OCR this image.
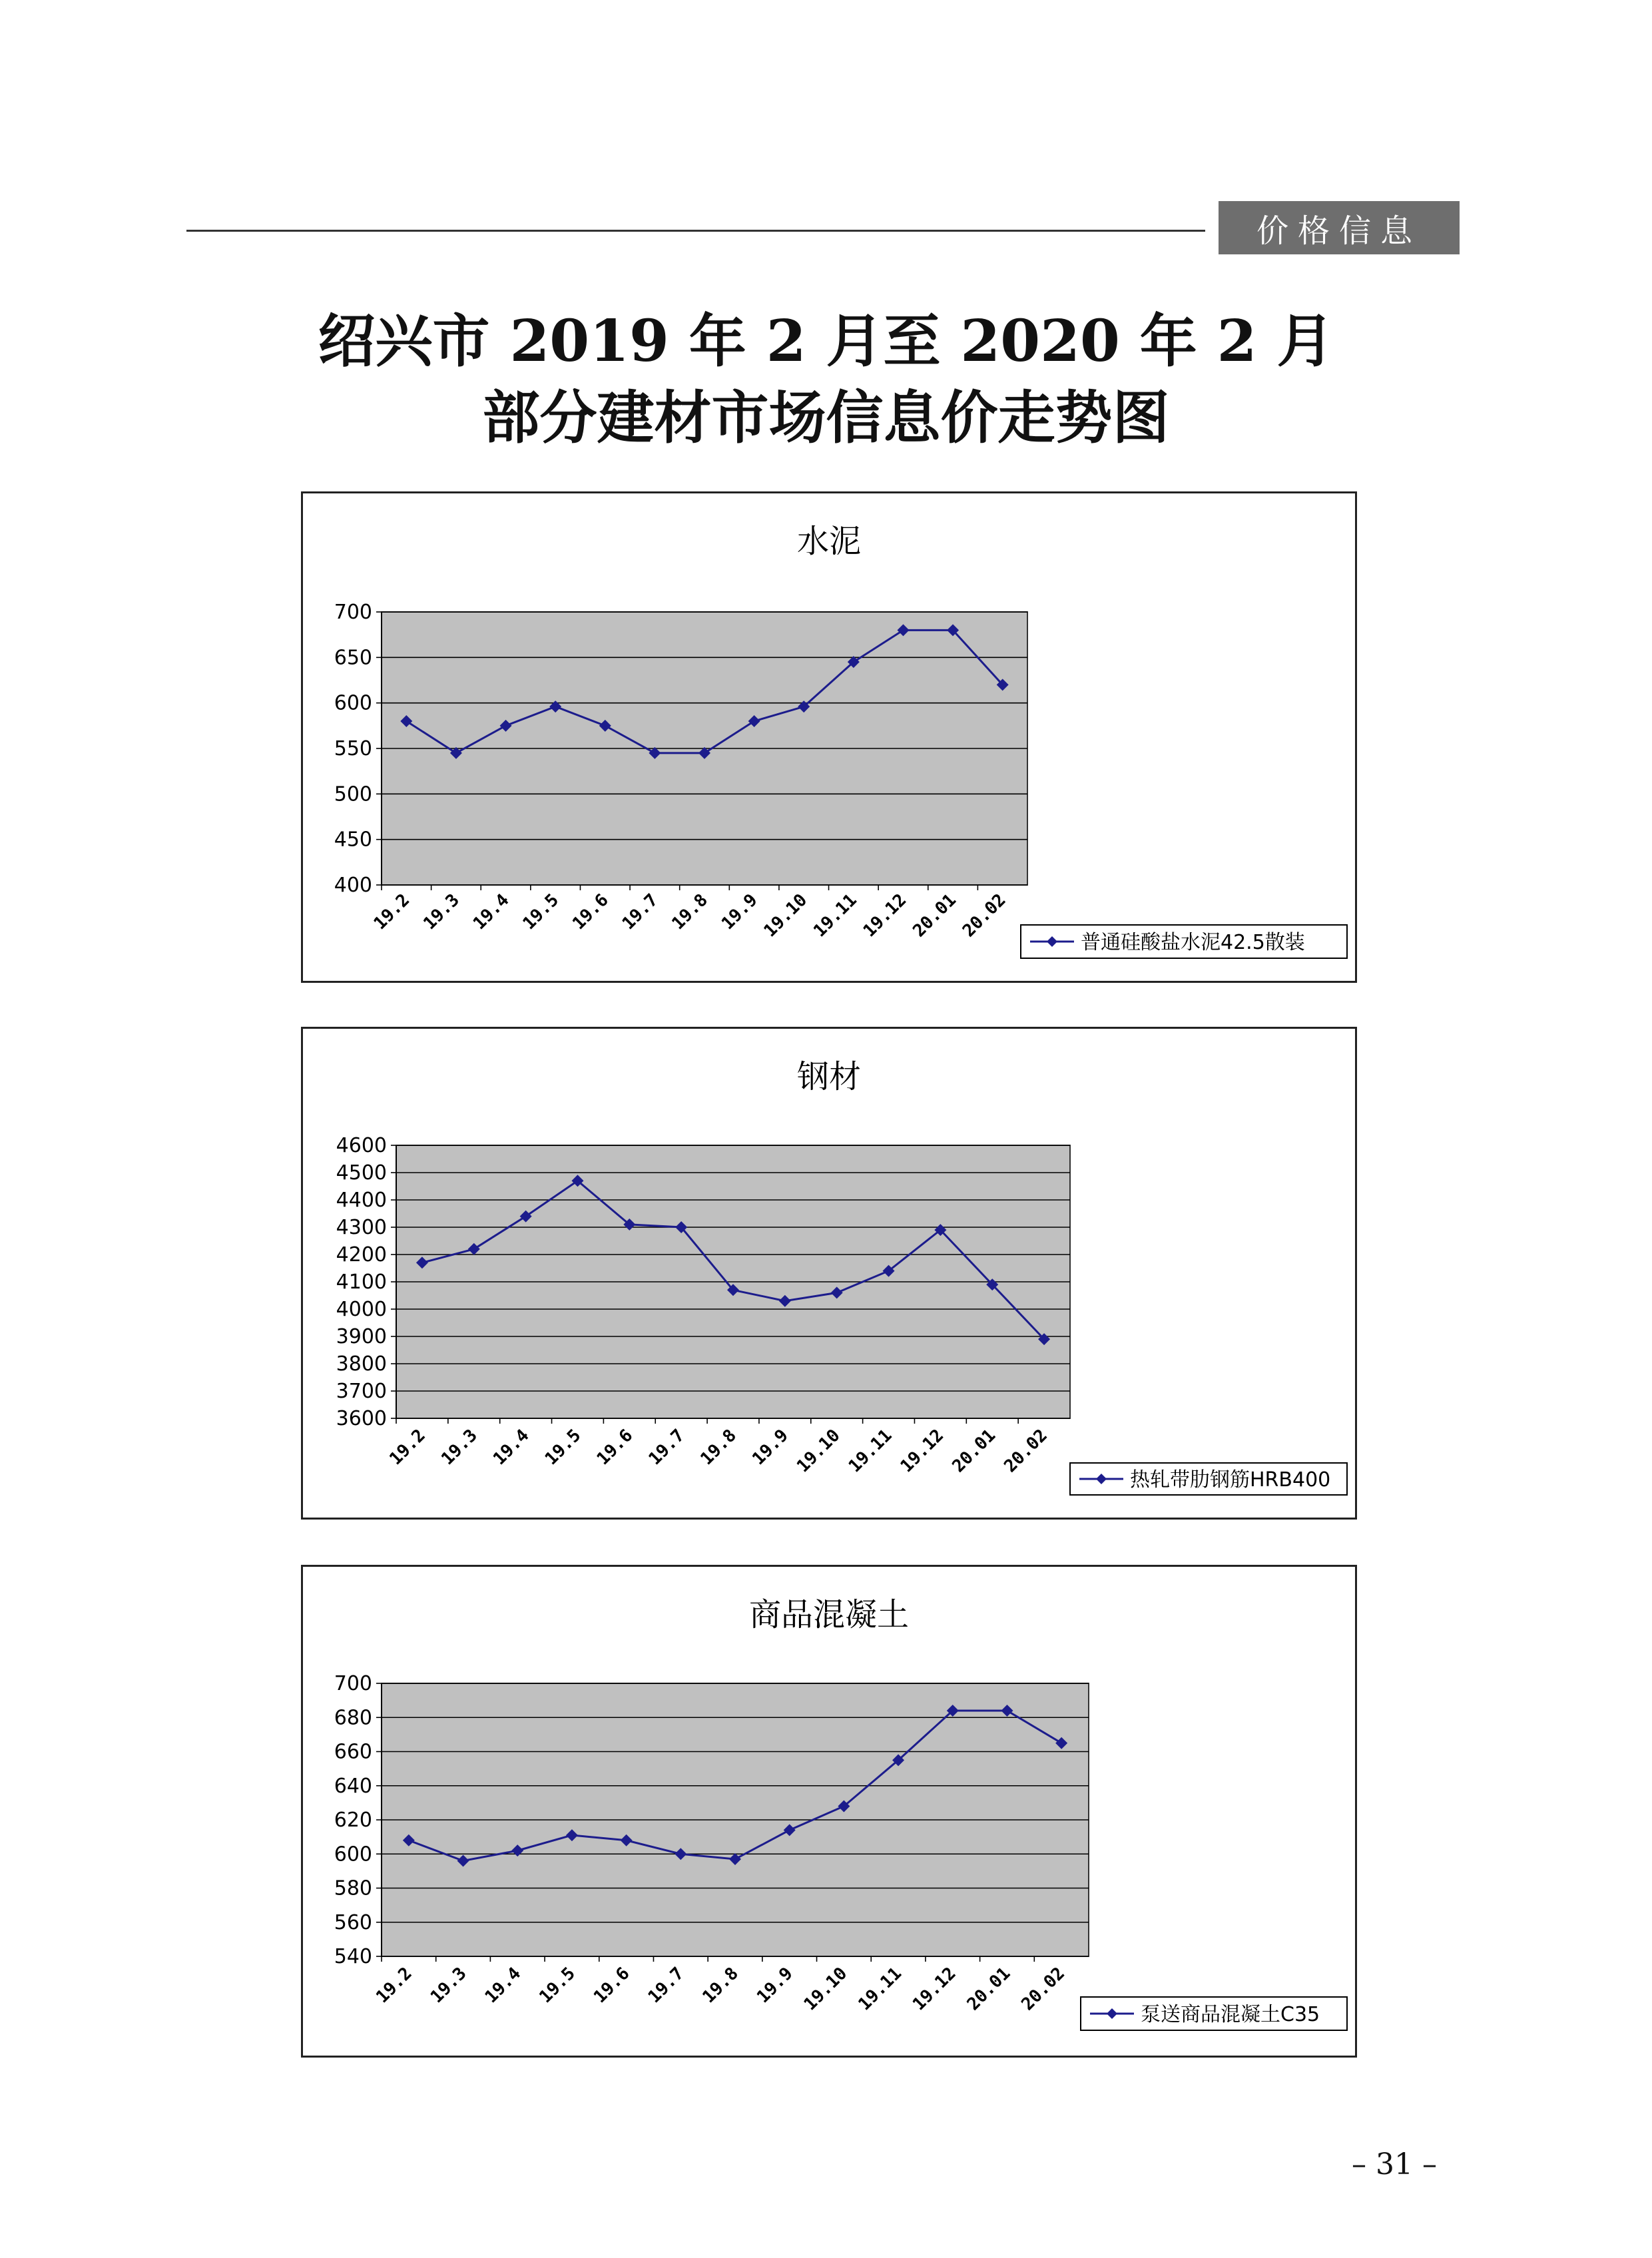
价格信息
绍兴市 2019 年 2 月至 2020 年 2 月
部分建材市场信息价走势图
水泥
400
450
500
550
600
650
700
19.2 19.3 19.4 19.5 19.6 19.7 19.8 19.9
19.10
19.11
19.12
20.01
20.02
普通硅酸盐水泥42.5散装
钢材
3600
3700
3800
3900
4000
4100
4200
4300
4400
4500
4600
19.2 19.3 19.4 19.5 19.6 19.7 19.8 19.9 19.10 19.11 19.12 20.01 20.02
热轧带肋钢筋HRB400
商品混凝土
540
560
580
600
620
640
660
680
700
19.2 19.3 19.4 19.5 19.6 19.7 19.8 19.9 19.10 19.11 19.12 20.01 20.02
泵送商品混凝土C35
– 31 –
